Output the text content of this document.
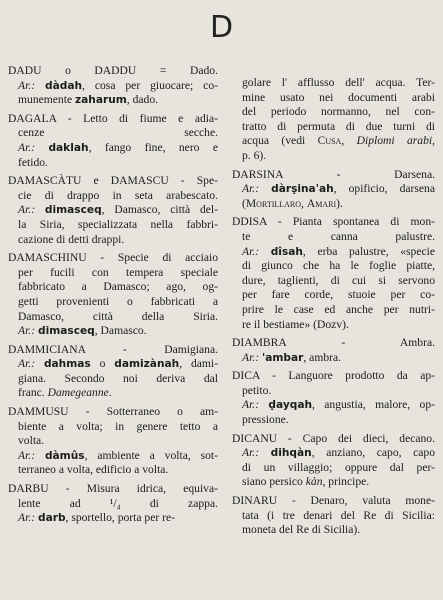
D
DADU o DADDU = Dado.
Ar.: dàdah, cosa per giuocare; co-
munemente zaharum, dado.
DAGALA - Letto di fiume e adia-
cenze secche.
Ar.: daklah, fango fine, nero e
fetido.
DAMASCÀTU e DAMASCU - Spe-
cie di drappo in seta arabescato.
Ar.: dimasceq, Damasco, città del-
la Siria, specializzata nella fabbri-
cazione di detti drappi.
DAMASCHINU - Specie di acciaio
per fucili con tempera speciale
fabbricato a Damasco; ago, og-
getti provenienti o fabbricati a
Damasco, città della Siria.
Ar.: dimasceq, Damasco.
DAMMICIANA - Damigiana.
Ar.: dahmas o damizànah, dami-
giana. Secondo noi deriva dal
franc. Damegeanne.
DAMMUSU - Sotterraneo o am-
biente a volta; in genere tetto a
volta.
Ar.: dàmûs, ambiente a volta, sot-
terraneo a volta, edificio a volta.
DARBU - Misura idrica, equiva-
lente ad ¹/₄ di zappa.
Ar.: darb, sportello, porta per re-
golare l' afflusso dell' acqua. Ter-
mine usato nei documenti arabi
del periodo normanno, nel con-
tratto di permuta di due turni di
acqua (vedi Cusa, Diplomi arabi,
p. 6).
DARSINA - Darsena.
Ar.: dàrṣina'ah, opificio, darsena
(Mortillaro, Amari).
DDISA - Pianta spontanea di mon-
te e canna palustre.
Ar.: dîsah, erba palustre, «specie
di giunco che ha le foglie piatte,
dure, taglienti, di cui si servono
per fare corde, stuoie per co-
prire le case ed anche per nutri-
re il bestiame» (Dozv).
DIAMBRA - Ambra.
Ar.: 'ambar, ambra.
DICA - Languore prodotto da ap-
petito.
Ar.: ḍayqah, angustia, malore, op-
pressione.
DICANU - Capo dei dieci, decano.
Ar.: dihqàn, anziano, capo, capo
di un villaggio; oppure dal per-
siano persico kàn, principe.
DINARU - Denaro, valuta mone-
tata (i tre denari del Re di Sicilia:
moneta del Re di Sicilia).
